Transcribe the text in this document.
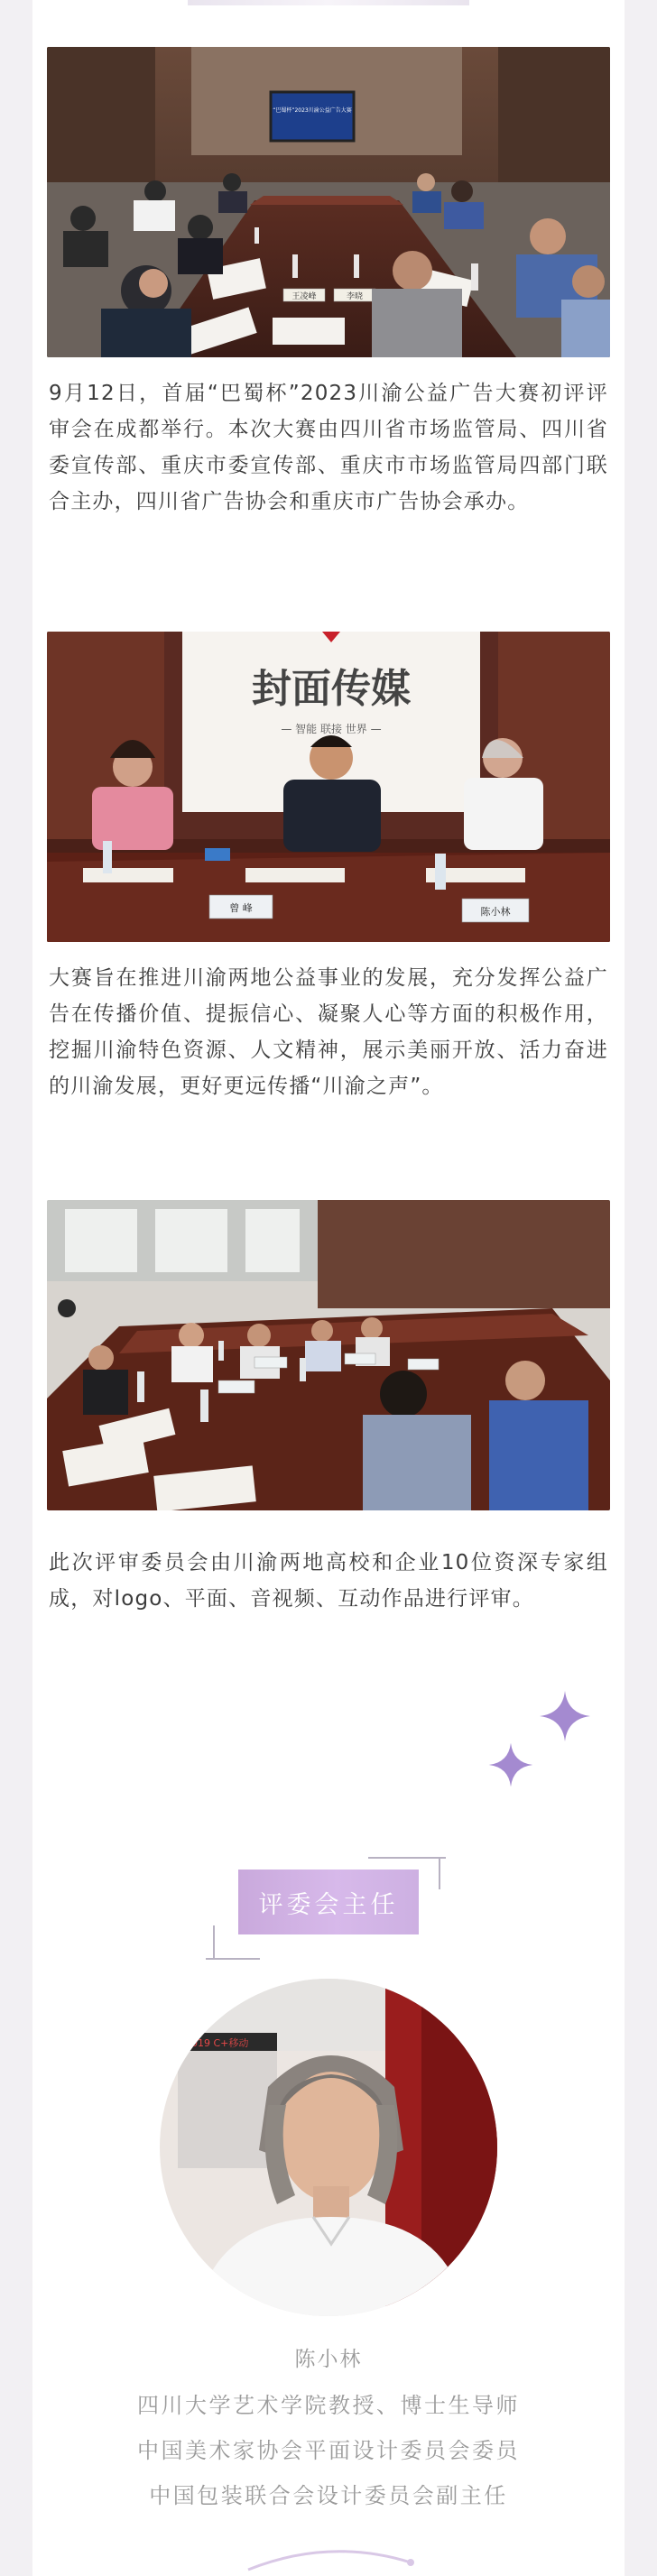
“巴蜀杯”2023川渝公益广告大赛
王凌峰	李晓

9月12日，首届“巴蜀杯”2023川渝公益广告大赛初评评审会在成都举行。本次大赛由四川省市场监管局、四川省委宣传部、重庆市委宣传部、重庆市市场监管局四部门联合主办，四川省广告协会和重庆市广告协会承办。

封面传媒
— 智能 联接 世界 —
曾 峰	陈小林

大赛旨在推进川渝两地公益事业的发展，充分发挥公益广告在传播价值、提振信心、凝聚人心等方面的积极作用，挖掘川渝特色资源、人文精神，展示美丽开放、活力奋进的川渝发展，更好更远传播“川渝之声”。

此次评审委员会由川渝两地高校和企业10位资深专家组成，对logo、平面、音视频、互动作品进行评审。

评委会主任
2019 C+移动

陈小林

四川大学艺术学院教授、博士生导师

中国美术家协会平面设计委员会委员

中国包装联合会设计委员会副主任
